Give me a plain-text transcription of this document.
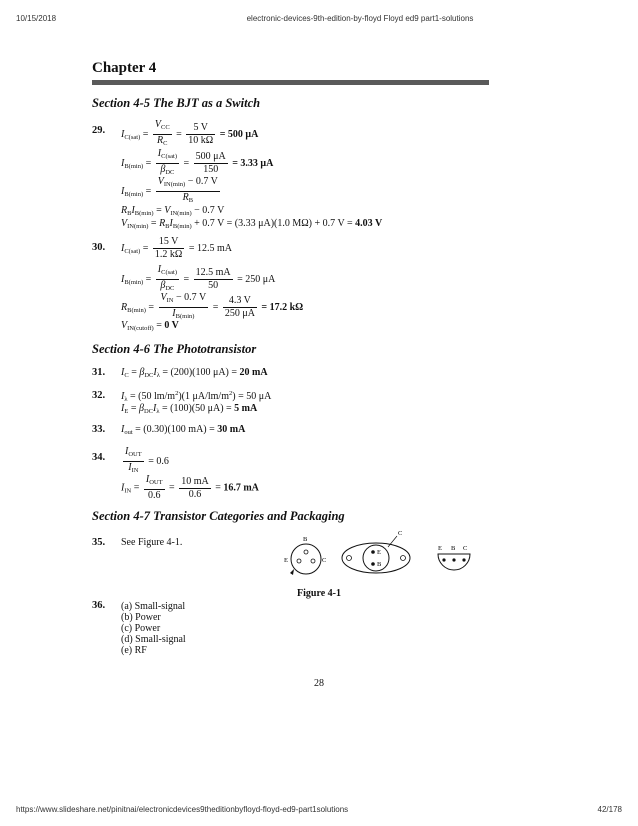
10/15/2018	electronic-devices-9th-edition-by-floyd Floyd ed9 part1-solutions
https://www.slideshare.net/pinitnai/electronicdevices9theditionbyfloyd-floyd-ed9-part1solutions	42/178
Chapter 4
Section 4-5 The BJT as a Switch
29. $I_{C(sat)} = \frac{V_{CC}}{R_C} = \frac{5 V}{10 k\Omega} = 500$ μA
$I_{B(min)} = \frac{I_{C(sat)}}{\beta_{DC}} = \frac{500 \mu A}{150} = 3.33$ μA
$I_{B(min)} = \frac{V_{IN(min)} - 0.7 V}{R_B}$
$R_BI_{B(min)} = V_{IN(min)} - 0.7$ V
$V_{IN(min)} = R_BI_{B(min)} + 0.7$ V = (3.33 μA)(1.0 MΩ) + 0.7 V = 4.03 V
30. $I_{C(sat)} = \frac{15 V}{1.2 k\Omega} = 12.5$ mA
$I_{B(min)} = \frac{I_{C(sat)}}{\beta_{DC}} = \frac{12.5 mA}{50} = 250$ μA
$R_{B(min)} = \frac{V_{IN} - 0.7 V}{I_{B(min)}} = \frac{4.3 V}{250 \mu A} = 17.2$ kΩ
$V_{IN(cutoff)} = 0$ V
Section 4-6 The Phototransistor
31. $I_C = \beta_{DC}I_\lambda = (200)(100$ μA) = 20 mA
32. $I_\lambda = (50$ $lm/m^2)(1$ $\mu A/lm/m^2) = 50$ μA
$I_E = \beta_{DC}I_\lambda = (100)(50$ μA) = 5 mA
33. $I_{out} = (0.30)(100$ mA) = 30 mA
34. $\frac{I_{OUT}}{I_{IN}} = 0.6$
$I_{IN} = \frac{I_{OUT}}{0.6} = \frac{10 mA}{0.6} = 16.7$ mA
Section 4-7 Transistor Categories and Packaging
35. See Figure 4-1.	B
E	C
C
E
B
E B C
Figure 4-1
36. (a) Small-signal
(b) Power
(c) Power
(d) Small-signal
(e) RF
28
